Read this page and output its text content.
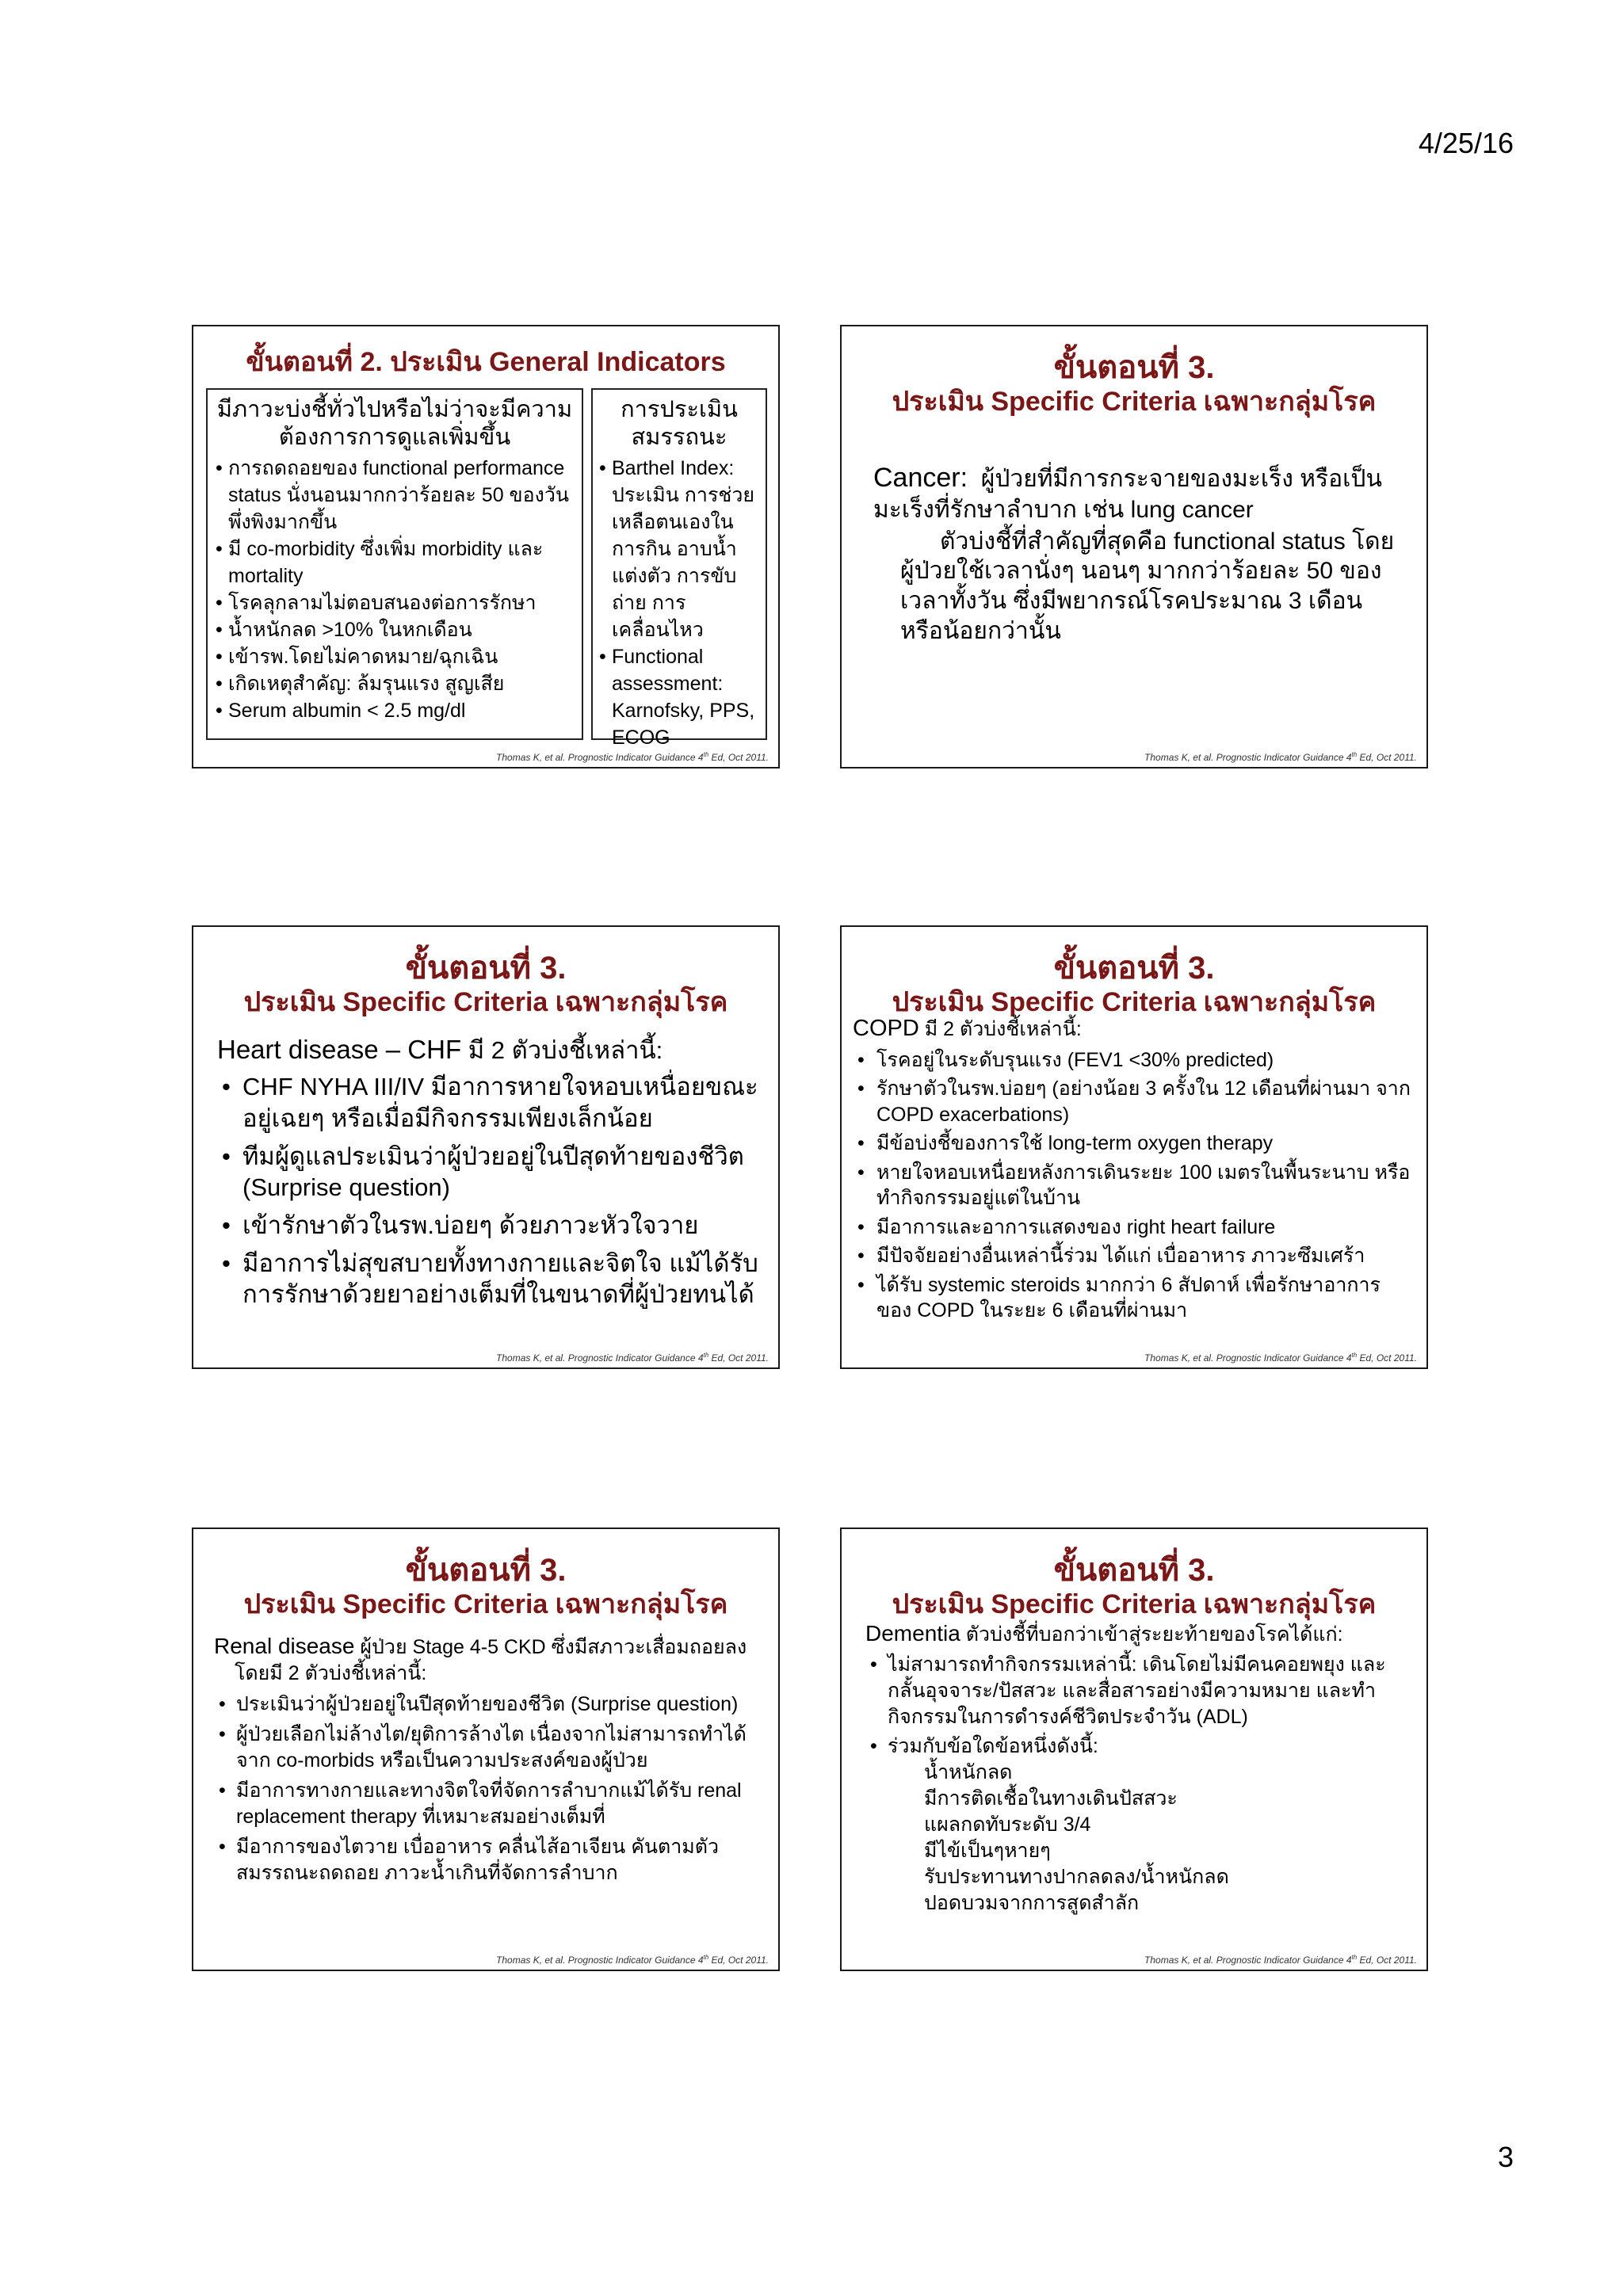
4/25/16
ขั้นตอนที่ 2. ประเมิน General Indicators
มีภาวะบ่งชี้ทั่วไปหรือไม่ว่าจะมีความต้องการการดูแลเพิ่มขึ้น
• การถดถอยของ functional performance status นั่งนอนมากกว่าร้อยละ 50 ของวัน พึ่งพิงมากขึ้น
• มี co-morbidity ซึ่งเพิ่ม morbidity และ mortality
• โรคลุกลามไม่ตอบสนองต่อการรักษา
• น้ำหนักลด >10% ในหกเดือน
• เข้ารพ.โดยไม่คาดหมาย/ฉุกเฉิน
• เกิดเหตุสำคัญ: ล้มรุนแรง สูญเสีย
• Serum albumin < 2.5 mg/dl
การประเมินสมรรถนะ
• Barthel Index: ประเมิน การช่วยเหลือตนเองในการกิน อาบน้ำ แต่งตัว การขับถ่าย การเคลื่อนไหว
• Functional assessment: Karnofsky, PPS, ECOG
Thomas K, et al. Prognostic Indicator Guidance 4th Ed, Oct 2011.
ขั้นตอนที่ 3.
ประเมิน Specific Criteria เฉพาะกลุ่มโรค
Cancer: ผู้ป่วยที่มีการกระจายของมะเร็ง หรือเป็นมะเร็งที่รักษาลำบาก เช่น lung cancer
ตัวบ่งชี้ที่สำคัญที่สุดคือ functional status โดยผู้ป่วยใช้เวลานั่งๆ นอนๆ มากกว่าร้อยละ 50 ของเวลาทั้งวัน ซึ่งมีพยากรณ์โรคประมาณ 3 เดือนหรือน้อยกว่านั้น
Thomas K, et al. Prognostic Indicator Guidance 4th Ed, Oct 2011.
ขั้นตอนที่ 3.
ประเมิน Specific Criteria เฉพาะกลุ่มโรค
Heart disease – CHF มี 2 ตัวบ่งชี้เหล่านี้:
• CHF NYHA III/IV มีอาการหายใจหอบเหนื่อยขณะอยู่เฉยๆ หรือเมื่อมีกิจกรรมเพียงเล็กน้อย
• ทีมผู้ดูแลประเมินว่าผู้ป่วยอยู่ในปีสุดท้ายของชีวิต (Surprise question)
• เข้ารักษาตัวในรพ.บ่อยๆ ด้วยภาวะหัวใจวาย
• มีอาการไม่สุขสบายทั้งทางกายและจิตใจ แม้ได้รับการรักษาด้วยยาอย่างเต็มที่ในขนาดที่ผู้ป่วยทนได้
Thomas K, et al. Prognostic Indicator Guidance 4th Ed, Oct 2011.
ขั้นตอนที่ 3.
ประเมิน Specific Criteria เฉพาะกลุ่มโรค
COPD มี 2 ตัวบ่งชี้เหล่านี้:
• โรคอยู่ในระดับรุนแรง (FEV1 <30% predicted)
• รักษาตัวในรพ.บ่อยๆ (อย่างน้อย 3 ครั้งใน 12 เดือนที่ผ่านมา จาก COPD exacerbations)
• มีข้อบ่งชี้ของการใช้ long-term oxygen therapy
• หายใจหอบเหนื่อยหลังการเดินระยะ 100 เมตรในพื้นระนาบ หรือทำกิจกรรมอยู่แต่ในบ้าน
• มีอาการและอาการแสดงของ right heart failure
• มีปัจจัยอย่างอื่นเหล่านี้ร่วม ได้แก่ เบื่ออาหาร ภาวะซึมเศร้า
• ได้รับ systemic steroids มากกว่า 6 สัปดาห์ เพื่อรักษาอาการของ COPD ในระยะ 6 เดือนที่ผ่านมา
Thomas K, et al. Prognostic Indicator Guidance 4th Ed, Oct 2011.
ขั้นตอนที่ 3.
ประเมิน Specific Criteria เฉพาะกลุ่มโรค
Renal disease ผู้ป่วย Stage 4-5 CKD ซึ่งมีสภาวะเสื่อมถอยลง โดยมี 2 ตัวบ่งชี้เหล่านี้:
• ประเมินว่าผู้ป่วยอยู่ในปีสุดท้ายของชีวิต (Surprise question)
• ผู้ป่วยเลือกไม่ล้างไต/ยุติการล้างไต เนื่องจากไม่สามารถทำได้จาก co-morbids หรือเป็นความประสงค์ของผู้ป่วย
• มีอาการทางกายและทางจิตใจที่จัดการลำบากแม้ได้รับ renal replacement therapy ที่เหมาะสมอย่างเต็มที่
• มีอาการของไตวาย เบื่ออาหาร คลื่นไส้อาเจียน คันตามตัว สมรรถนะถดถอย ภาวะน้ำเกินที่จัดการลำบาก
Thomas K, et al. Prognostic Indicator Guidance 4th Ed, Oct 2011.
ขั้นตอนที่ 3.
ประเมิน Specific Criteria เฉพาะกลุ่มโรค
Dementia ตัวบ่งชี้ที่บอกว่าเข้าสู่ระยะท้ายของโรคได้แก่:
• ไม่สามารถทำกิจกรรมเหล่านี้: เดินโดยไม่มีคนคอยพยุง และ กลั้นอุจจาระ/ปัสสวะ และสื่อสารอย่างมีความหมาย และทำกิจกรรมในการดำรงค์ชีวิตประจำวัน (ADL)
• ร่วมกับข้อใดข้อหนึ่งดังนี้:
น้ำหนักลด
มีการติดเชื้อในทางเดินปัสสวะ
แผลกดทับระดับ 3/4
มีไข้เป็นๆหายๆ
รับประทานทางปากลดลง/น้ำหนักลด
ปอดบวมจากการสูดสำลัก
Thomas K, et al. Prognostic Indicator Guidance 4th Ed, Oct 2011.
3
